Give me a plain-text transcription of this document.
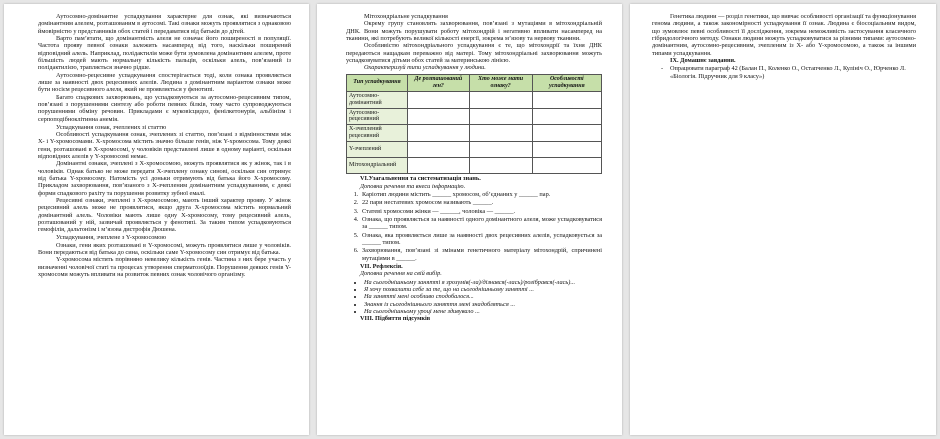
Аутосомно-домінантне успадкування характерне для ознак, які визначаються домінантним алелем, розташованим в аутосомі. Такі ознаки можуть проявлятися з однаковою ймовірністю у представників обох статей і передаватися від батьків до дітей.

Варто пам’ятати, що домінантність алеля не означає його поширеності в популяції. Частота прояву певної ознаки залежить насамперед від того, наскільки поширений відповідний алель. Наприклад, полідактилія може бути зумовлена домінантним алелем, проте більшість людей мають нормальну кількість пальців, оскільки алель, пов’язаний із полідактилією, трапляється значно рідше.

Аутосомно-рецесивне успадкування спостерігається тоді, коли ознака проявляється лише за наявності двох рецесивних алелів. Людина з домінантним варіантом ознаки може бути носієм рецесивного алеля, який не проявляється у фенотипі.

Багато спадкових захворювань, що успадковуються за аутосомно-рецесивним типом, пов’язані з порушеннями синтезу або роботи певних білків, тому часто супроводжуються порушеннями обміну речовин. Прикладами є муковісцидоз, фенілкетонурія, альбінізм і серпоподібноклітинна анемія.

Успадкування ознак, зчеплених зі статтю

Особливості успадкування ознак, зчеплених зі статтю, пов’язані з відмінностями між X- і Y-хромосомами. X-хромосома містить значно більше генів, ніж Y-хромосома. Тому деякі гени, розташовані в X-хромосомі, у чоловіків представлені лише в одному варіанті, оскільки відповідних алелів у Y-хромосомі немає.

Домінантні ознаки, зчеплені з X-хромосомою, можуть проявлятися як у жінок, так і в чоловіків. Однак батько не може передати X-зчеплену ознаку синові, оскільки син отримує від батька Y-хромосому. Натомість усі доньки отримують від батька його X-хромосому. Прикладом захворювання, пов’язаного з X-зчепленим домінантним успадкуванням, є деякі форми спадкового рахіту та порушення розвитку зубної емалі.

Рецесивні ознаки, зчеплені з X-хромосомою, мають інший характер прояву. У жінок рецесивний алель може не проявлятися, якщо друга X-хромосома містить нормальний домінантний алель. Чоловіки мають лише одну X-хромосому, тому рецесивний алель, розташований у ній, зазвичай проявляється у фенотипі. За таким типом успадковуються гемофілія, дальтонізм і м’язова дистрофія Дюшена.

Успадкування, зчеплене з Y-хромосомою

Ознаки, гени яких розташовані в Y-хромосомі, можуть проявлятися лише у чоловіків. Вони передаються від батька до сина, оскільки саме Y-хромосому син отримує від батька.

Y-хромосома містить порівняно невелику кількість генів. Частина з них бере участь у визначенні чоловічої статі та процесах утворення сперматозоїдів. Порушення деяких генів Y-хромосоми можуть впливати на розвиток певних ознак чоловічого організму.

Мітохондріальне успадкування

Окрему групу становлять захворювання, пов’язані з мутаціями в мітохондріальній ДНК. Вони можуть порушувати роботу мітохондрій і негативно впливати насамперед на тканини, які потребують великої кількості енергії, зокрема м’язову та нервову тканини.

Особливістю мітохондріального успадкування є те, що мітохондрії та їхня ДНК передаються нащадкам переважно від матері. Тому мітохондріальні захворювання можуть успадковуватися дітьми обох статей за материнською лінією.

Охарактеризуй типи успадкування у людини.

Тип успадкування	Де розташований ген?	Хто може мати ознаку?	Особливості успадкування
Аутосомно-домінантний			
Аутосомно-рецесивний			
Х-зчеплений рецесивний			
Y-зчеплений			
Мітохондріальний			

VI.Узагальнення та систематизація знань.

Доповни речення та внеси інформацію.

1. Каріотип людини містить ______ хромосом, об’єднаних у ______ пар.
2. 22 пари нестатевих хромосом називають ______.
3. Статеві хромосоми жінки — ______, чоловіка — ______.
4. Ознака, що проявляється за наявності одного домінантного алеля, може успадковуватися за ______ типом.
5. Ознака, яка проявляється лише за наявності двох рецесивних алелів, успадковується за ______ типом.
6. Захворювання, пов’язані зі змінами генетичного матеріалу мітохондрій, спричинені мутаціями в ______.

VII. Рефлексія.

Доповни речення на свій вибір.

• На сьогоднішньому занятті я зрозумів(-ла)/дізнався(-лась)/розібрався(-лась)...
• Я хочу похвалити себе за те, що на сьогоднішньому занятті ...
• На занятті мені особливо сподобалося...
• Знання із сьогоднішнього заняття мені знадобляться ...
• На сьогоднішньому уроці мене здивувало ...

VIII. Підбиття підсумків

Генетика людини — розділ генетики, що вивчає особливості організації та функціонування генома людини, а також закономірності успадкування її ознак. Людина є біосоціальним видом, що зумовлює певні особливості її дослідження, зокрема неможливість застосування класичного гібридологічного методу. Ознаки людини можуть успадковуватися за різними типами: аутосомно-домінантним, аутосомно-рецесивним, зчепленим із Х- або Y-хромосомою, а також за іншими типами успадкування.

IX. Домашнє завдання.

- Опрацювати параграф 42 (Балан П., Коленко О., Остапченко Л., Кулініч О., Юрченко Л. «Біологія. Підручник для 9 класу»)
